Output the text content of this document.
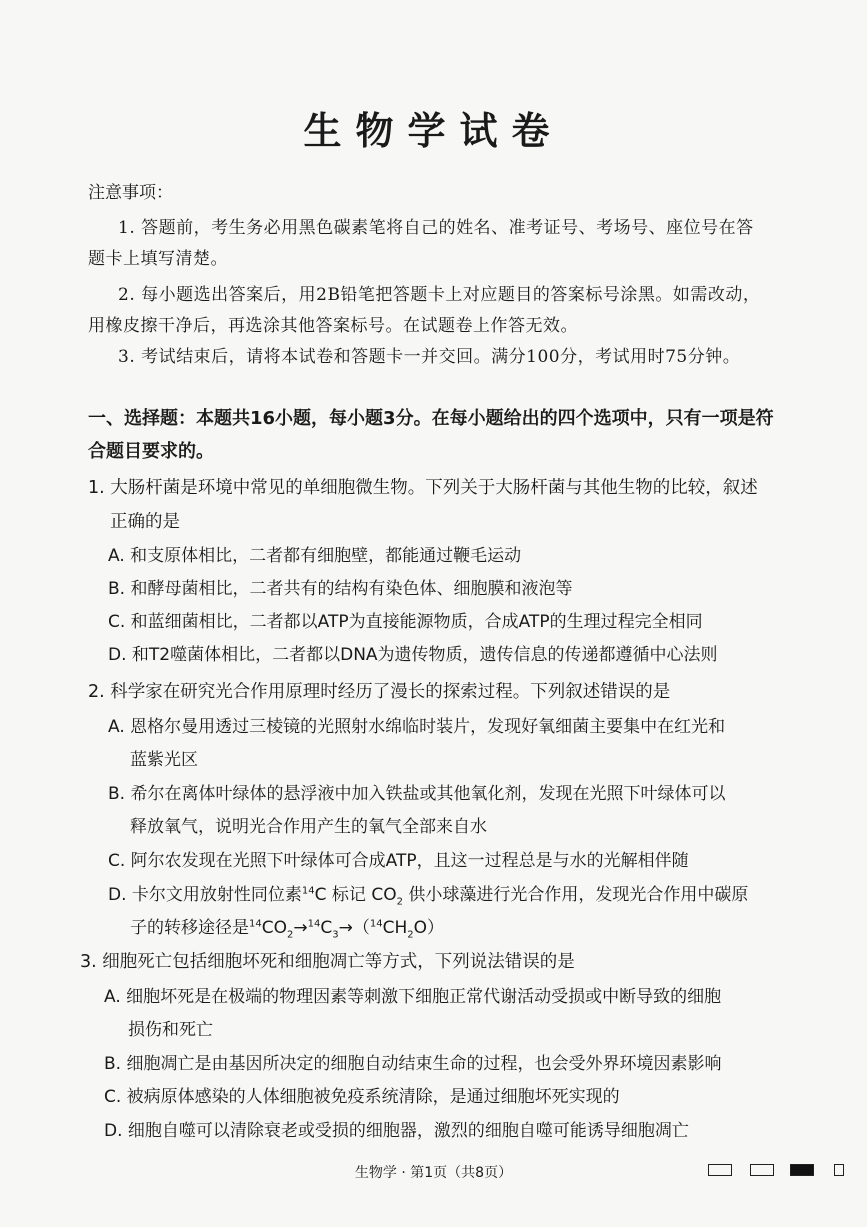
生物学试卷
注意事项：
1. 答题前，考生务必用黑色碳素笔将自己的姓名、准考证号、考场号、座位号在答
题卡上填写清楚。
2. 每小题选出答案后，用2B铅笔把答题卡上对应题目的答案标号涂黑。如需改动，
用橡皮擦干净后，再选涂其他答案标号。在试题卷上作答无效。
3. 考试结束后，请将本试卷和答题卡一并交回。满分100分，考试用时75分钟。
一、选择题：本题共16小题，每小题3分。在每小题给出的四个选项中，只有一项是符
合题目要求的。
1. 大肠杆菌是环境中常见的单细胞微生物。下列关于大肠杆菌与其他生物的比较，叙述
正确的是
A. 和支原体相比，二者都有细胞壁，都能通过鞭毛运动
B. 和酵母菌相比，二者共有的结构有染色体、细胞膜和液泡等
C. 和蓝细菌相比，二者都以ATP为直接能源物质，合成ATP的生理过程完全相同
D. 和T2噬菌体相比，二者都以DNA为遗传物质，遗传信息的传递都遵循中心法则
2. 科学家在研究光合作用原理时经历了漫长的探索过程。下列叙述错误的是
A. 恩格尔曼用透过三棱镜的光照射水绵临时装片，发现好氧细菌主要集中在红光和
蓝紫光区
B. 希尔在离体叶绿体的悬浮液中加入铁盐或其他氧化剂，发现在光照下叶绿体可以
释放氧气，说明光合作用产生的氧气全部来自水
C. 阿尔农发现在光照下叶绿体可合成ATP，且这一过程总是与水的光解相伴随
D. 卡尔文用放射性同位素$^{14}$C 标记 $CO_2$ 供小球藻进行光合作用，发现光合作用中碳原
子的转移途径是$^{14}CO_2\to^{14}C_3\to(^{14}CH_2O)$
3. 细胞死亡包括细胞坏死和细胞凋亡等方式，下列说法错误的是
A. 细胞坏死是在极端的物理因素等刺激下细胞正常代谢活动受损或中断导致的细胞
损伤和死亡
B. 细胞凋亡是由基因所决定的细胞自动结束生命的过程，也会受外界环境因素影响
C. 被病原体感染的人体细胞被免疫系统清除，是通过细胞坏死实现的
D. 细胞自噬可以清除衰老或受损的细胞器，激烈的细胞自噬可能诱导细胞凋亡
生物学 · 第1页（共8页）
